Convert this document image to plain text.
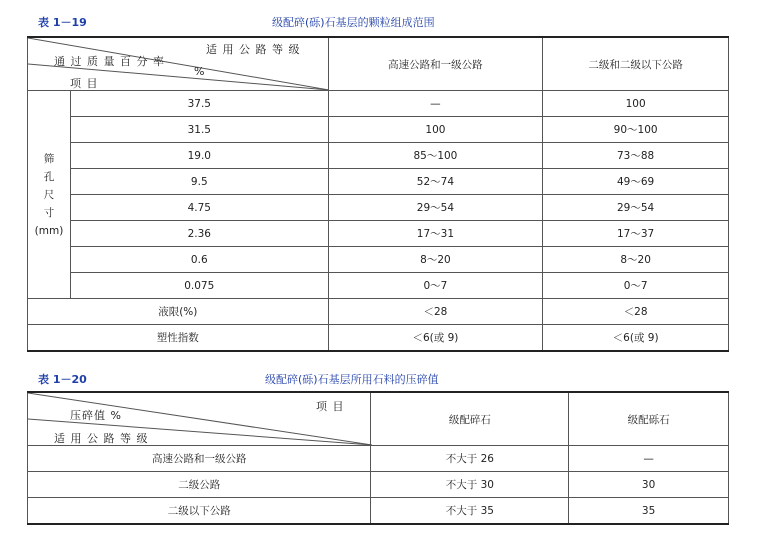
表 1－19	级配碎(砾)石基层的颗粒组成范围
适 用 公 路 等 级
通 过 质 量 百 分 率
%
项 目		高速公路和一级公路	二级和二级以下公路

筛
孔
尺
寸
(mm)	37.5	—	100
	31.5	100	90～100
	19.0	85～100	73～88
	9.5	52～74	49～69
	4.75	29～54	29～54
	2.36	17～31	17～37
	0.6	8～20	8～20
	0.075	0～7	0～7
液限(%)		＜28	＜28
塑性指数		＜6(或 9)	＜6(或 9)
表 1－20	级配碎(砾)石基层所用石料的压碎值
项 目
压碎值 %
适 用 公 路 等 级	级配碎石	级配砾石
高速公路和一级公路	不大于 26	—
二级公路	不大于 30	30
二级以下公路	不大于 35	35
